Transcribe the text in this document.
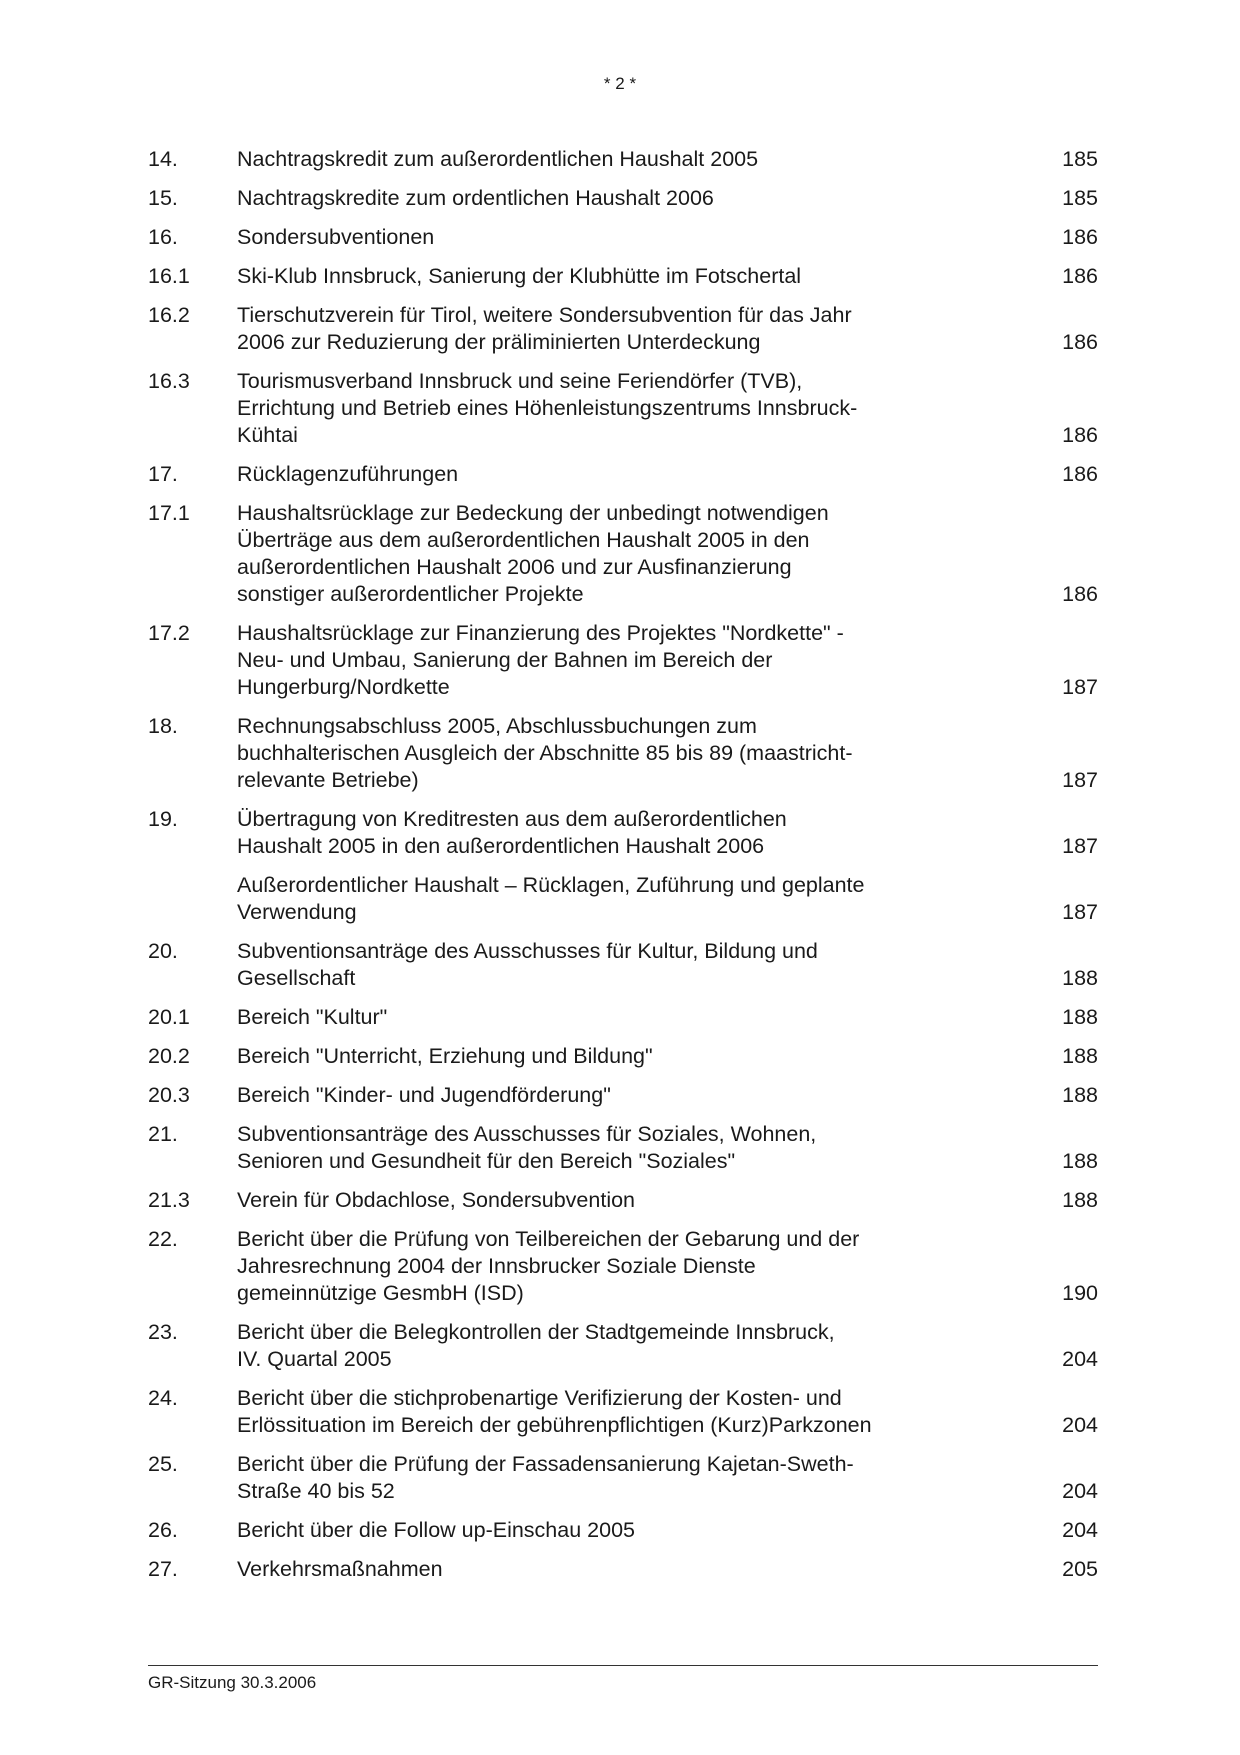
* 2 *
14.	Nachtragskredit zum außerordentlichen Haushalt 2005	185
15.	Nachtragskredite zum ordentlichen Haushalt 2006	185
16.	Sondersubventionen	186
16.1	Ski-Klub Innsbruck, Sanierung der Klubhütte im Fotschertal	186
16.2	Tierschutzverein für Tirol, weitere Sondersubvention für das Jahr
2006 zur Reduzierung der präliminierten Unterdeckung	186
16.3	Tourismusverband Innsbruck und seine Feriendörfer (TVB),
Errichtung und Betrieb eines Höhenleistungszentrums Innsbruck-
Kühtai	186
17.	Rücklagenzuführungen	186
17.1	Haushaltsrücklage zur Bedeckung der unbedingt notwendigen
Überträge aus dem außerordentlichen Haushalt 2005 in den
außerordentlichen Haushalt 2006 und zur Ausfinanzierung
sonstiger außerordentlicher Projekte	186
17.2	Haushaltsrücklage zur Finanzierung des Projektes "Nordkette" -
Neu- und Umbau, Sanierung der Bahnen im Bereich der
Hungerburg/Nordkette	187
18.	Rechnungsabschluss 2005, Abschlussbuchungen zum
buchhalterischen Ausgleich der Abschnitte 85 bis 89 (maastricht-
relevante Betriebe)	187
19.	Übertragung von Kreditresten aus dem außerordentlichen
Haushalt 2005 in den außerordentlichen Haushalt 2006	187
Außerordentlicher Haushalt – Rücklagen, Zuführung und geplante
Verwendung	187
20.	Subventionsanträge des Ausschusses für Kultur, Bildung und
Gesellschaft	188
20.1	Bereich "Kultur"	188
20.2	Bereich "Unterricht, Erziehung und Bildung"	188
20.3	Bereich "Kinder- und Jugendförderung"	188
21.	Subventionsanträge des Ausschusses für Soziales, Wohnen,
Senioren und Gesundheit für den Bereich "Soziales"	188
21.3	Verein für Obdachlose, Sondersubvention	188
22.	Bericht über die Prüfung von Teilbereichen der Gebarung und der
Jahresrechnung 2004 der Innsbrucker Soziale Dienste
gemeinnützige GesmbH (ISD)	190
23.	Bericht über die Belegkontrollen der Stadtgemeinde Innsbruck,
IV. Quartal 2005	204
24.	Bericht über die stichprobenartige Verifizierung der Kosten- und
Erlössituation im Bereich der gebührenpflichtigen (Kurz)Parkzonen	204
25.	Bericht über die Prüfung der Fassadensanierung Kajetan-Sweth-
Straße 40 bis 52	204
26.	Bericht über die Follow up-Einschau 2005	204
27.	Verkehrsmaßnahmen	205
GR-Sitzung 30.3.2006
